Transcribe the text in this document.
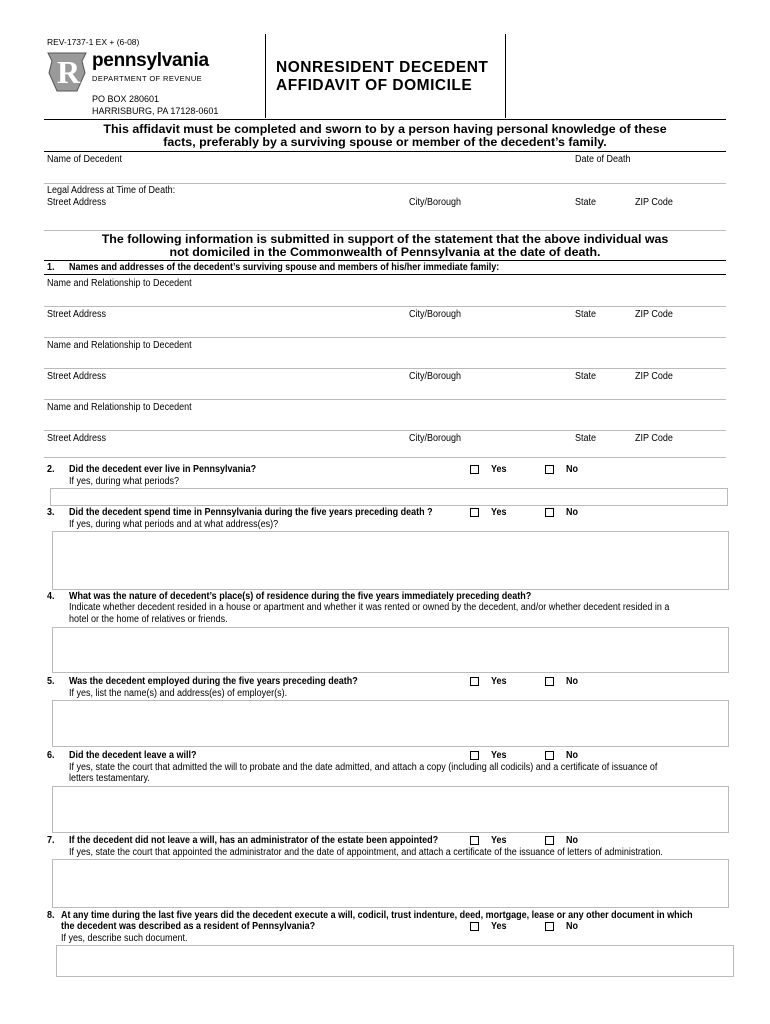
REV-1737-1 EX + (6-08)
R pennsylvania
DEPARTMENT OF REVENUE
PO BOX 280601
HARRISBURG, PA 17128-0601
NONRESIDENT DECEDENT
AFFIDAVIT OF DOMICILE
This affidavit must be completed and sworn to by a person having personal knowledge of these
facts, preferably by a surviving spouse or member of the decedent’s family.
Name of Decedent	Date of Death
Legal Address at Time of Death:
Street Address	City/Borough	State	ZIP Code
The following information is submitted in support of the statement that the above individual was
not domiciled in the Commonwealth of Pennsylvania at the date of death.
1. Names and addresses of the decedent’s surviving spouse and members of his/her immediate family:
Name and Relationship to Decedent
Street Address	City/Borough	State	ZIP Code
Name and Relationship to Decedent
Street Address	City/Borough	State	ZIP Code
Name and Relationship to Decedent
Street Address	City/Borough	State	ZIP Code
2. Did the decedent ever live in Pennsylvania?	Yes	No
If yes, during what periods?
3. Did the decedent spend time in Pennsylvania during the five years preceding death ?	Yes	No
If yes, during what periods and at what address(es)?
4. What was the nature of decedent’s place(s) of residence during the five years immediately preceding death?
Indicate whether decedent resided in a house or apartment and whether it was rented or owned by the decedent, and/or whether decedent resided in a
hotel or the home of relatives or friends.
5. Was the decedent employed during the five years preceding death?	Yes	No
If yes, list the name(s) and address(es) of employer(s).
6. Did the decedent leave a will?	Yes	No
If yes, state the court that admitted the will to probate and the date admitted, and attach a copy (including all codicils) and a certificate of issuance of
letters testamentary.
7. If the decedent did not leave a will, has an administrator of the estate been appointed?	Yes	No
If yes, state the court that appointed the administrator and the date of appointment, and attach a certificate of the issuance of letters of administration.
8. At any time during the last five years did the decedent execute a will, codicil, trust indenture, deed, mortgage, lease or any other document in which
the decedent was described as a resident of Pennsylvania?	Yes	No
If yes, describe such document.
